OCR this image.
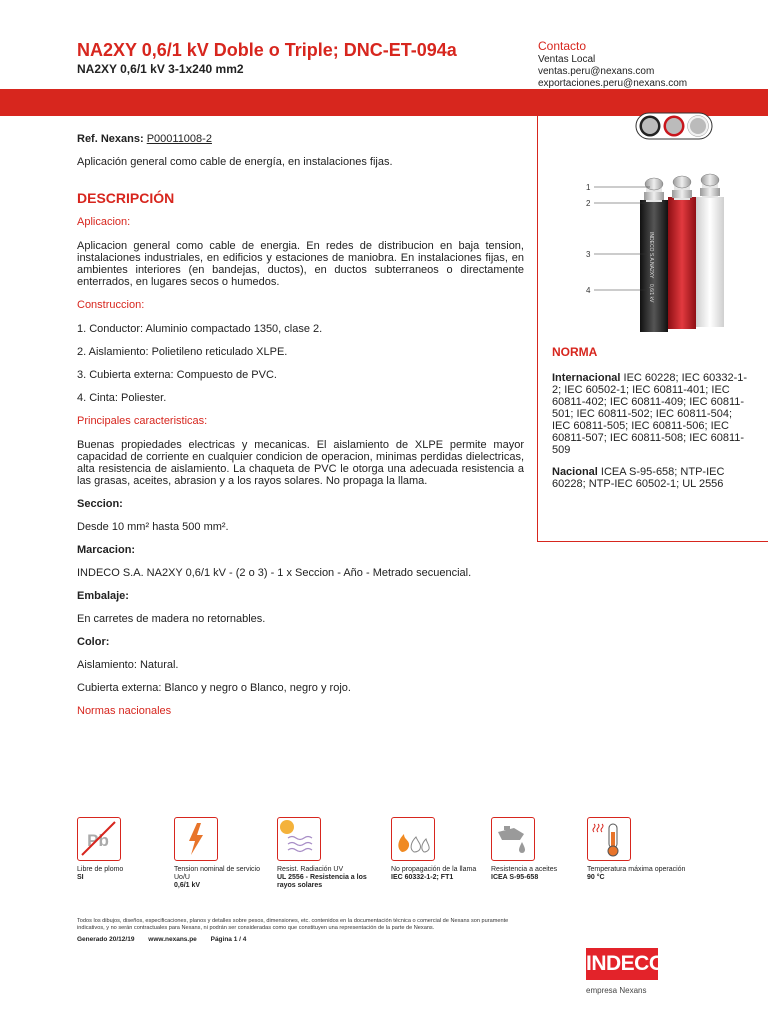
NA2XY 0,6/1 kV Doble o Triple; DNC-ET-094a
NA2XY 0,6/1 kV 3-1x240 mm2
Contacto
Ventas Local
ventas.peru@nexans.com
exportaciones.peru@nexans.com
INDECO S.A.
NA2XY
0,6/1 kV
1
2
3
4

Ref. Nexans: P00011008-2

Aplicación general como cable de energía, en instalaciones fijas.

DESCRIPCIÓN

Aplicacion:

Aplicacion general como cable de energia. En redes de distribucion en baja tension, instalaciones industriales, en edificios y estaciones de maniobra. En instalaciones fijas, en ambientes interiores (en bandejas, ductos), en ductos subterraneos o directamente enterrados, en lugares secos o humedos.

Construccion:

1. Conductor: Aluminio compactado 1350, clase 2.

2. Aislamiento: Polietileno reticulado XLPE.

3. Cubierta externa: Compuesto de PVC.

4. Cinta: Poliester.

Principales caracteristicas:

Buenas propiedades electricas y mecanicas. El aislamiento de XLPE permite mayor capacidad de corriente en cualquier condicion de operacion, minimas perdidas dielectricas, alta resistencia de aislamiento. La chaqueta de PVC le otorga una adecuada resistencia a las grasas, aceites, abrasion y a los rayos solares. No propaga la llama.

Seccion:

Desde 10 mm² hasta 500 mm².

Marcacion:

INDECO S.A. NA2XY 0,6/1 kV - (2 o 3) - 1 x Seccion - Año - Metrado secuencial.

Embalaje:

En carretes de madera no retornables.

Color:

Aislamiento: Natural.

Cubierta externa: Blanco y negro o Blanco, negro y rojo.

Normas nacionales

NORMA

Internacional IEC 60228; IEC 60332-1-2; IEC 60502-1; IEC 60811-401; IEC 60811-402; IEC 60811-409; IEC 60811-501; IEC 60811-502; IEC 60811-504; IEC 60811-505; IEC 60811-506; IEC 60811-507; IEC 60811-508; IEC 60811-509

Nacional ICEA S-95-658; NTP-IEC 60228; NTP-IEC 60502-1; UL 2556

Pb
Libre de plomo
SI
Tension nominal de servicio Uo/U
0,6/1 kV
Resist. Radiación UV
UL 2556 - Resistencia a los rayos solares
No propagación de la llama
IEC 60332-1-2; FT1
Resistencia a aceites
ICEA S-95-658
Temperatura máxima operación
90 °C
Todos los dibujos, diseños, especificaciones, planos y detalles sobre pesos, dimensiones, etc. contenidos en la documentación técnica o comercial de Nexans son puramente indicativos, y no serán contractuales para Nexans, ni podrán ser consideradas como que constituyen una representación de la parte de Nexans.
Generado 20/12/19 www.nexans.pe Página 1 / 4
INDECO
empresa Nexans
